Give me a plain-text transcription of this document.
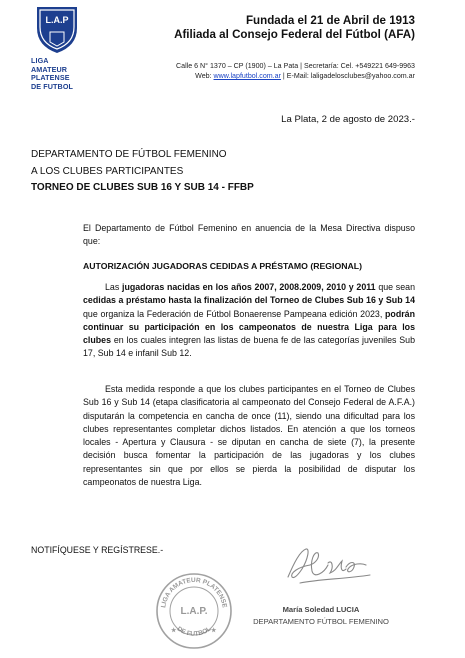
L.A.P
LIGA
AMATEUR
PLATENSE
DE FUTBOL
Fundada el 21 de Abril de 1913
Afiliada al Consejo Federal del Fútbol (AFA)
Calle 6 N° 1370 – CP (1900) – La Pata | Secretaría: Cel. +549221 649-9963
Web: www.lapfutbol.com.ar | E-Mail: laligadelosclubes@yahoo.com.ar
La Plata, 2 de agosto de 2023.-
DEPARTAMENTO DE FÚTBOL FEMENINO
A LOS CLUBES PARTICIPANTES
TORNEO DE CLUBES SUB 16 Y SUB 14 - FFBP
El Departamento de Fútbol Femenino en anuencia de la Mesa Directiva dispuso que:
AUTORIZACIÓN JUGADORAS CEDIDAS A PRÉSTAMO (REGIONAL)
Las jugadoras nacidas en los años 2007, 2008.2009, 2010 y 2011 que sean cedidas a préstamo hasta la finalización del Torneo de Clubes Sub 16 y Sub 14 que organiza la Federación de Fútbol Bonaerense Pampeana edición 2023, podrán continuar su participación en los campeonatos de nuestra Liga para los clubes en los cuales integren las listas de buena fe de las categorías juveniles Sub 17, Sub 14 e infanil Sub 12.
Esta medida responde a que los clubes participantes en el Torneo de Clubes Sub 16 y Sub 14 (etapa clasificatoria al campeonato del Consejo Federal de A.F.A.) disputarán la competencia en cancha de once (11), siendo una dificultad para los clubes representantes completar dichos listados. En atención a que los torneos locales - Apertura y Clausura - se diputan en cancha de siete (7), la presente decisión busca fomentar la participación de las jugadoras y los clubes representantes sin que por ellos se pierda la posibilidad de disputar los campeonatos de nuestra Liga.
NOTIFÍQUESE Y REGÍSTRESE.-
LIGA AMATEUR PLATENSE
DE FUTBOL
L.A.P.
★	★
María Soledad LUCIA
DEPARTAMENTO FÚTBOL FEMENINO
